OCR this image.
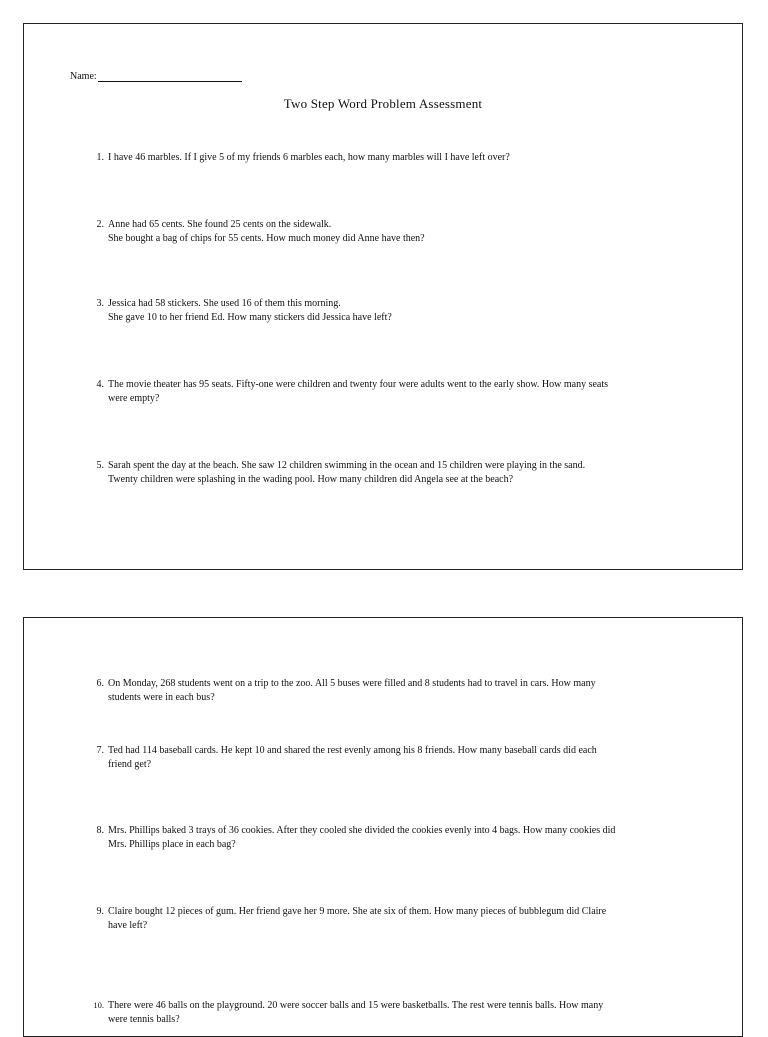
Name:
Two Step Word Problem Assessment
1. I have 46 marbles. If I give 5 of my friends 6 marbles each, how many marbles will I have left over?
2. Anne had 65 cents. She found 25 cents on the sidewalk.
She bought a bag of chips for 55 cents. How much money did Anne have then?
3. Jessica had 58 stickers. She used 16 of them this morning.
She gave 10 to her friend Ed. How many stickers did Jessica have left?
4. The movie theater has 95 seats. Fifty-one were children and twenty four were adults went to the early show. How many seats
were empty?
5. Sarah spent the day at the beach. She saw 12 children swimming in the ocean and 15 children were playing in the sand.
Twenty children were splashing in the wading pool. How many children did Angela see at the beach?
6. On Monday, 268 students went on a trip to the zoo. All 5 buses were filled and 8 students had to travel in cars. How many
students were in each bus?
7. Ted had 114 baseball cards. He kept 10 and shared the rest evenly among his 8 friends. How many baseball cards did each
friend get?
8. Mrs. Phillips baked 3 trays of 36 cookies. After they cooled she divided the cookies evenly into 4 bags. How many cookies did
Mrs. Phillips place in each bag?
9. Claire bought 12 pieces of gum. Her friend gave her 9 more. She ate six of them. How many pieces of bubblegum did Claire
have left?
10. There were 46 balls on the playground. 20 were soccer balls and 15 were basketballs. The rest were tennis balls. How many
were tennis balls?
